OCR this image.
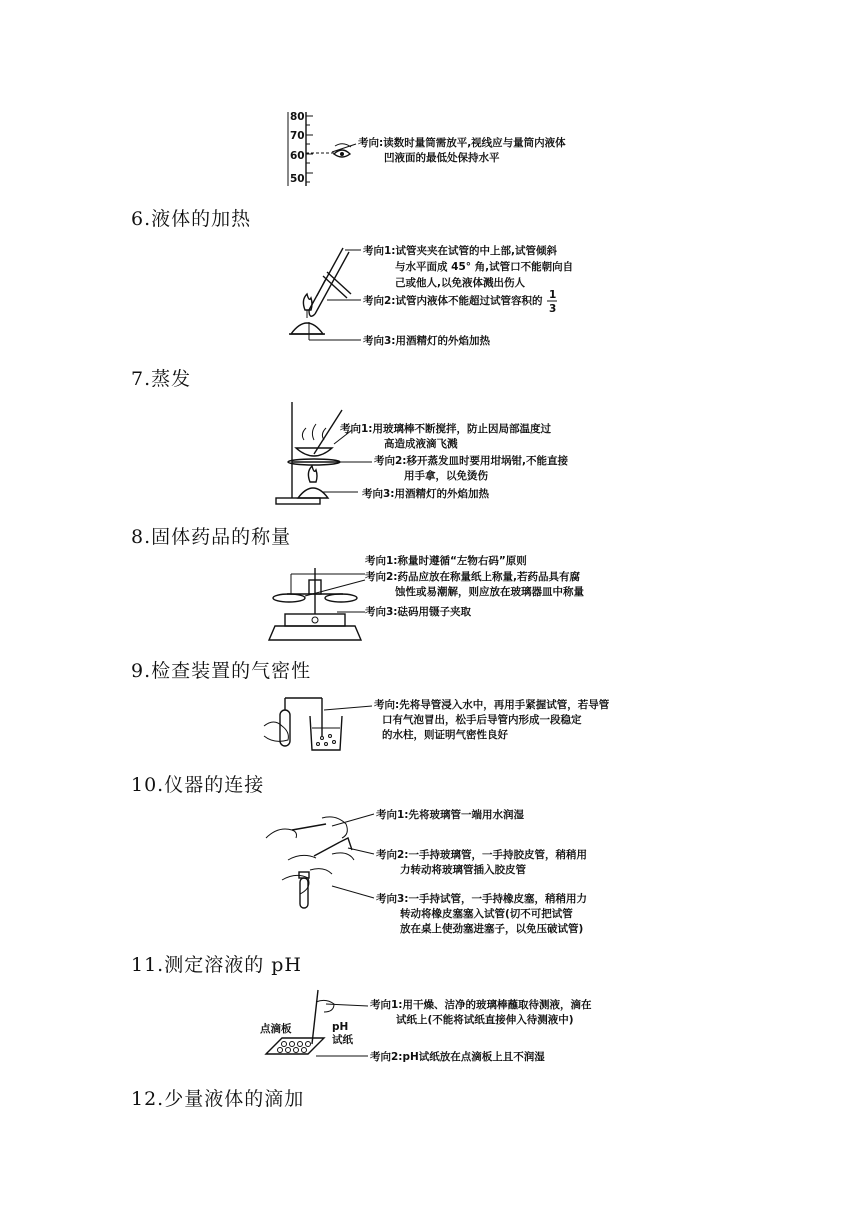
80
70
60
50
考向:读数时量筒需放平,视线应与量筒内液体
凹液面的最低处保持水平
6.液体的加热
考向1:试管夹夹在试管的中上部,试管倾斜
与水平面成 45° 角,试管口不能朝向自
己或他人,以免液体溅出伤人
考向2:试管内液体不能超过试管容积的 1
3
考向3:用酒精灯的外焰加热
7.蒸发
考向1:用玻璃棒不断搅拌，防止因局部温度过
高造成液滴飞溅
考向2:移开蒸发皿时要用坩埚钳,不能直接
用手拿，以免烫伤
考向3:用酒精灯的外焰加热
8.固体药品的称量
考向1:称量时遵循“左物右码”原则
考向2:药品应放在称量纸上称量,若药品具有腐
蚀性或易潮解，则应放在玻璃器皿中称量
考向3:砝码用镊子夹取
9.检查装置的气密性
考向:先将导管浸入水中，再用手紧握试管，若导管
口有气泡冒出，松手后导管内形成一段稳定
的水柱，则证明气密性良好
10.仪器的连接
考向1:先将玻璃管一端用水润湿
考向2:一手持玻璃管，一手持胶皮管，稍稍用
力转动将玻璃管插入胶皮管
考向3:一手持试管，一手持橡皮塞，稍稍用力
转动将橡皮塞塞入试管(切不可把试管
放在桌上使劲塞进塞子，以免压破试管)
11.测定溶液的 pH
点滴板	pH
试纸
考向1:用干燥、洁净的玻璃棒蘸取待测液，滴在
试纸上(不能将试纸直接伸入待测液中)
考向2:pH试纸放在点滴板上且不润湿
12.少量液体的滴加
